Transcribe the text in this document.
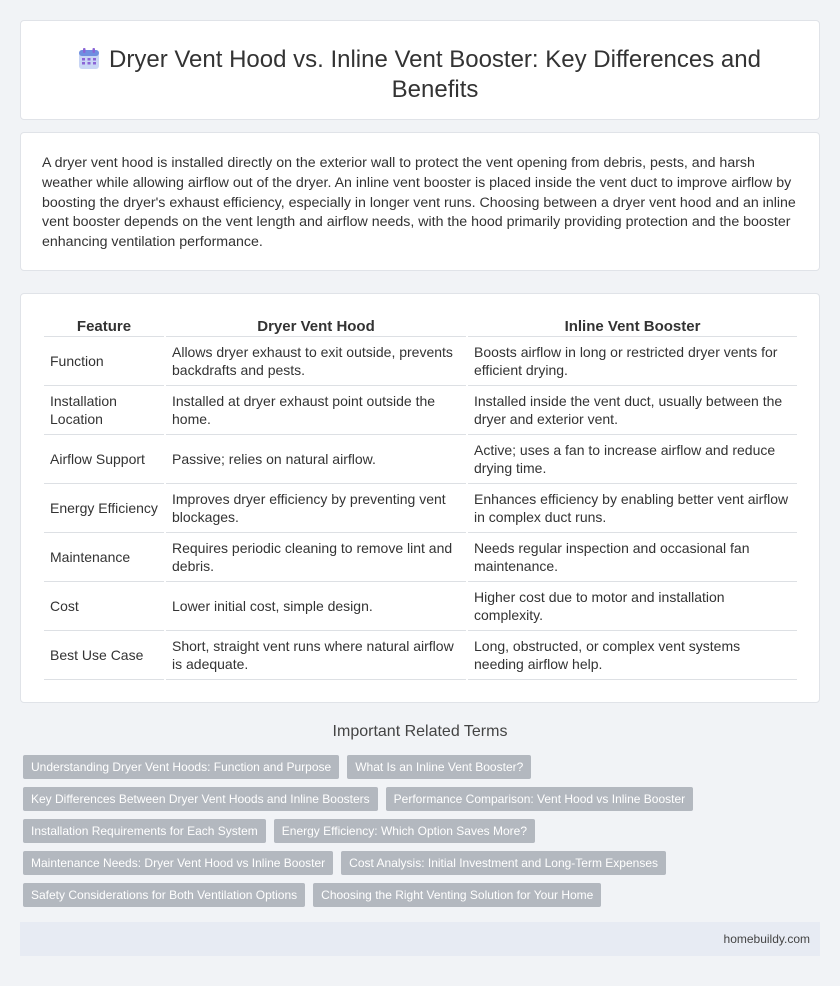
Dryer Vent Hood vs. Inline Vent Booster: Key Differences and Benefits

A dryer vent hood is installed directly on the exterior wall to protect the vent opening from debris, pests, and harsh weather while allowing airflow out of the dryer. An inline vent booster is placed inside the vent duct to improve airflow by boosting the dryer's exhaust efficiency, especially in longer vent runs. Choosing between a dryer vent hood and an inline vent booster depends on the vent length and airflow needs, with the hood primarily providing protection and the booster enhancing ventilation performance.

Feature	Dryer Vent Hood	Inline Vent Booster
Function	Allows dryer exhaust to exit outside, prevents backdrafts and pests.	Boosts airflow in long or restricted dryer vents for efficient drying.
Installation Location	Installed at dryer exhaust point outside the home.	Installed inside the vent duct, usually between the dryer and exterior vent.
Airflow Support	Passive; relies on natural airflow.	Active; uses a fan to increase airflow and reduce drying time.
Energy Efficiency	Improves dryer efficiency by preventing vent blockages.	Enhances efficiency by enabling better vent airflow in complex duct runs.
Maintenance	Requires periodic cleaning to remove lint and debris.	Needs regular inspection and occasional fan maintenance.
Cost	Lower initial cost, simple design.	Higher cost due to motor and installation complexity.
Best Use Case	Short, straight vent runs where natural airflow is adequate.	Long, obstructed, or complex vent systems needing airflow help.
Important Related Terms
Understanding Dryer Vent Hoods: Function and Purpose	What Is an Inline Vent Booster?
Key Differences Between Dryer Vent Hoods and Inline Boosters	Performance Comparison: Vent Hood vs Inline Booster
Installation Requirements for Each System	Energy Efficiency: Which Option Saves More?
Maintenance Needs: Dryer Vent Hood vs Inline Booster	Cost Analysis: Initial Investment and Long-Term Expenses
Safety Considerations for Both Ventilation Options	Choosing the Right Venting Solution for Your Home
homebuildy.com
